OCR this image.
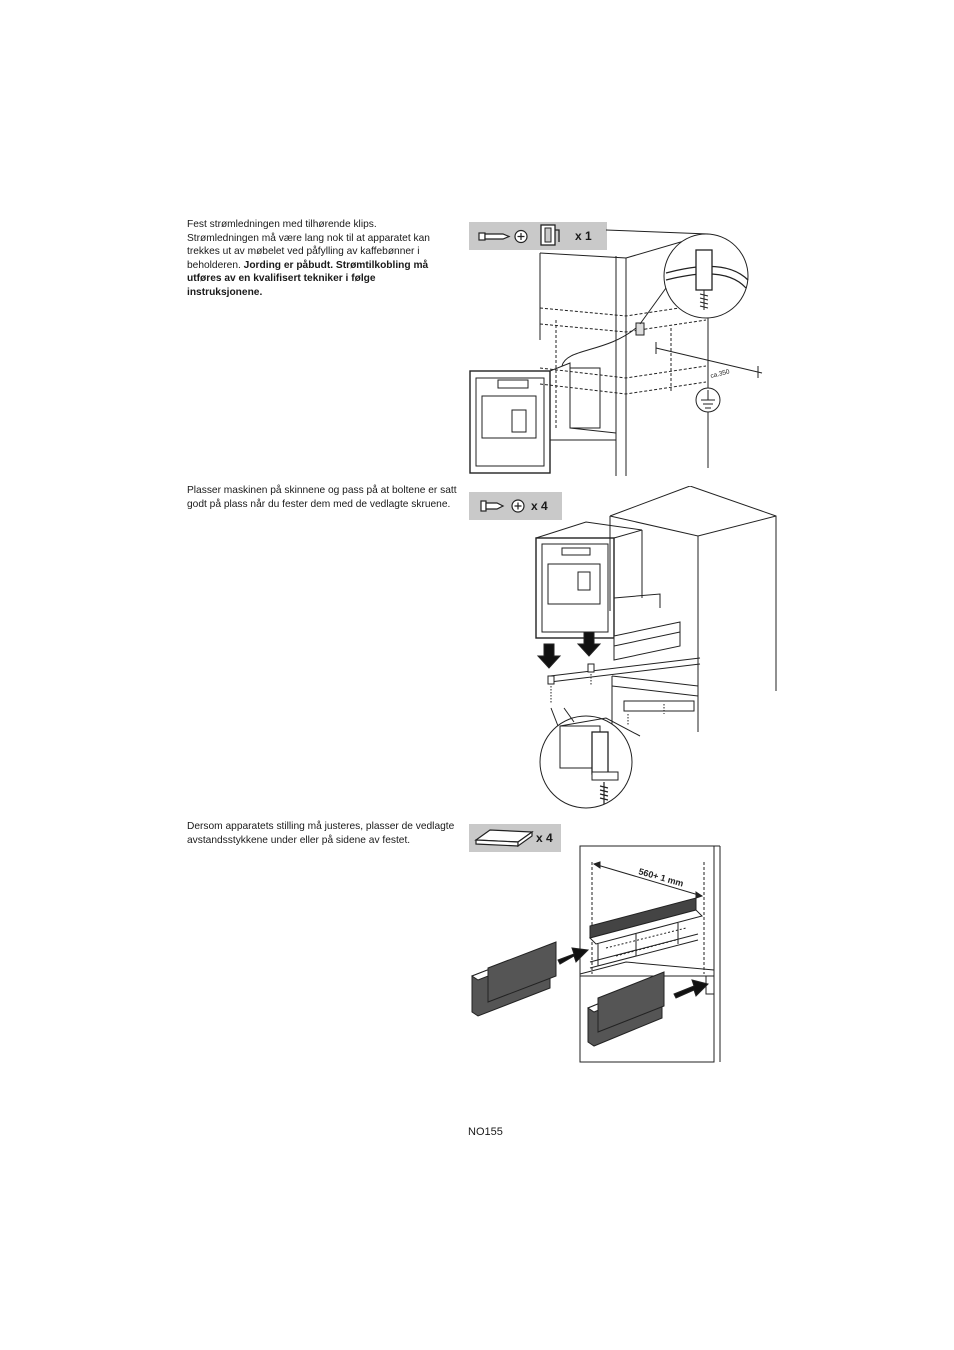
Fest strømledningen med tilhørende klips.
Strømledningen må være lang nok til at apparatet kan
trekkes ut av møbelet ved påfylling av kaffebønner i
beholderen. Jording er påbudt. Strømtilkobling må
utføres av en kvalifisert tekniker i følge
instruksjonene.
x 1
ca.350
Plasser maskinen på skinnene og pass på at boltene er satt
godt på plass når du fester dem med de vedlagte skruene.	x 4
Dersom apparatets stilling må justeres, plasser de vedlagte
avstandsstykkene under eller på sidene av festet.	x 4
560+ 1 mm
NO155
